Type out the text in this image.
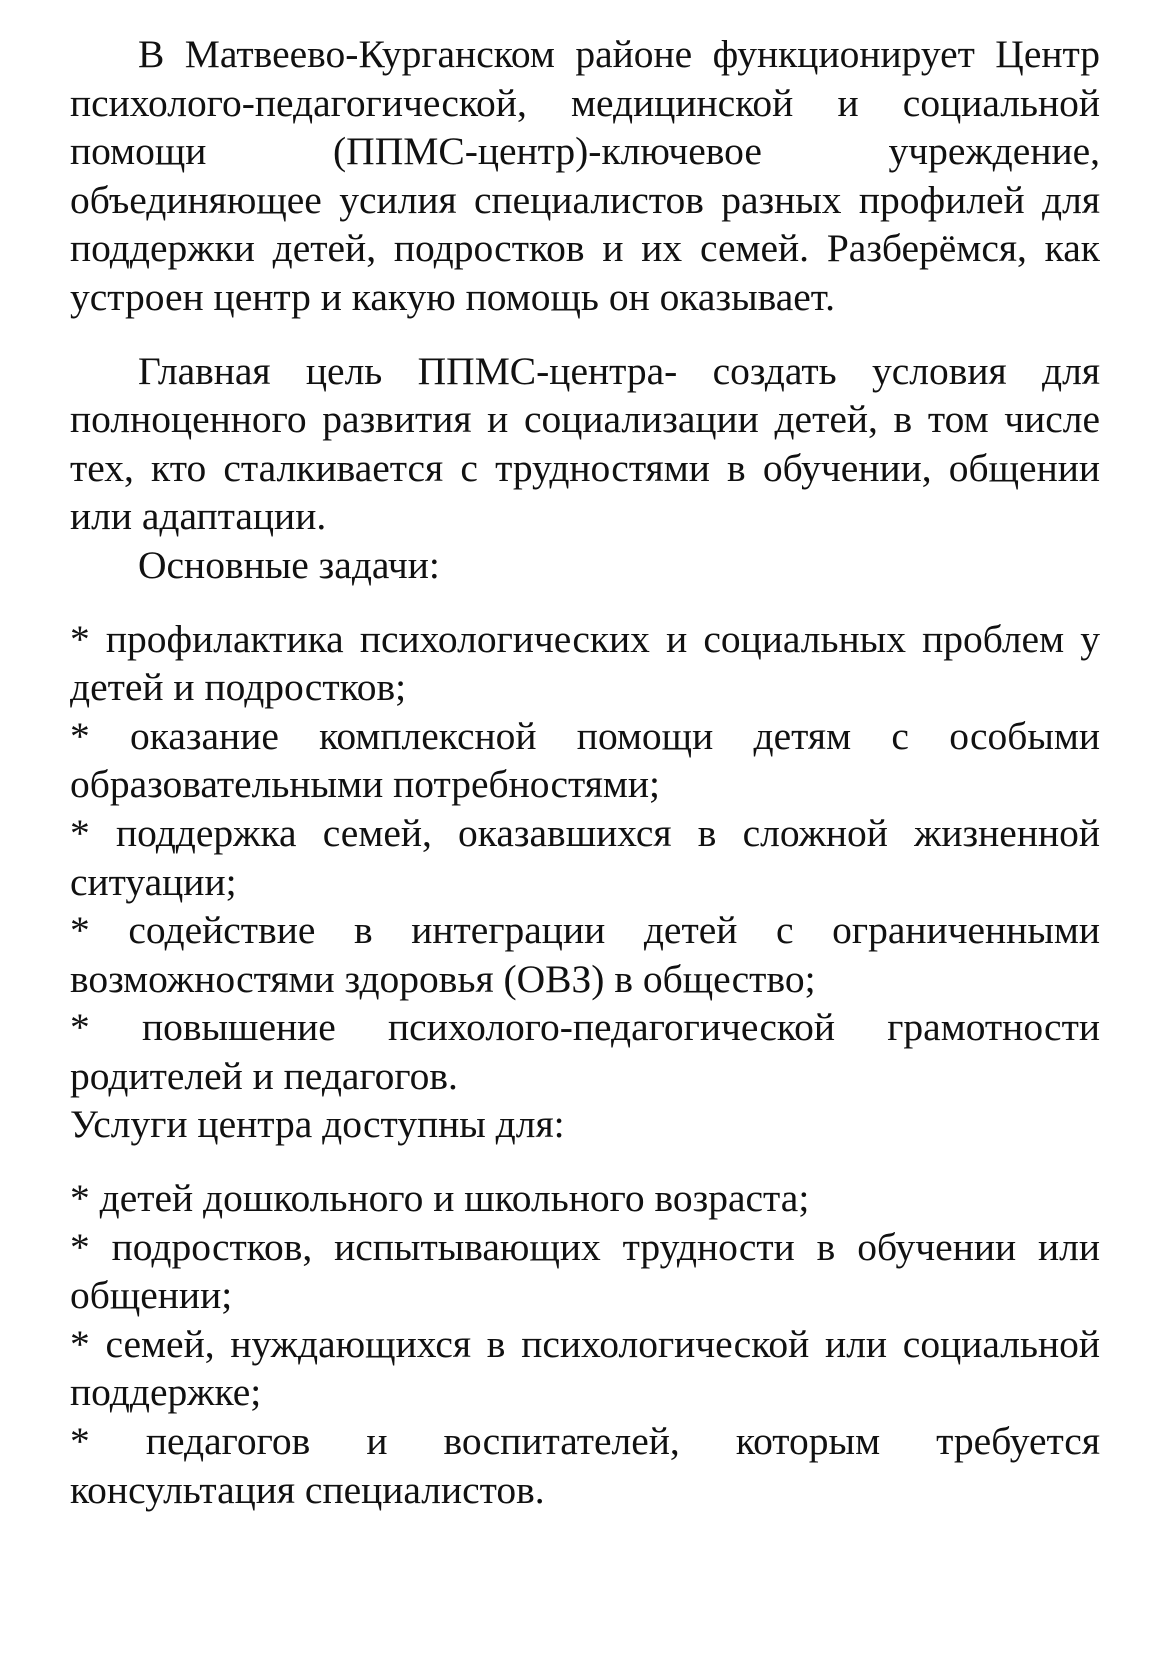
В Матвеево-Курганском районе функционирует Центр психолого-педагогической, медицинской и социальной помощи (ППМС-центр)-ключевое учреждение, объединяющее усилия специалистов разных профилей для поддержки детей, подростков и их семей. Разберёмся, как устроен центр и какую помощь он оказывает.

Главная цель ППМС-центра- создать условия для полноценного развития и социализации детей, в том числе тех, кто сталкивается с трудностями в обучении, общении или адаптации.

Основные задачи:

* профилактика психологических и социальных проблем у детей и подростков;
* оказание комплексной помощи детям с особыми образовательными потребностями;
* поддержка семей, оказавшихся в сложной жизненной ситуации;
* содействие в интеграции детей с ограниченными возможностями здоровья (ОВЗ) в общество;
* повышение психолого-педагогической грамотности родителей и педагогов.

Услуги центра доступны для:

* детей дошкольного и школьного возраста;
* подростков, испытывающих трудности в обучении или общении;
* семей, нуждающихся в психологической или социальной поддержке;
* педагогов и воспитателей, которым требуется консультация специалистов.
